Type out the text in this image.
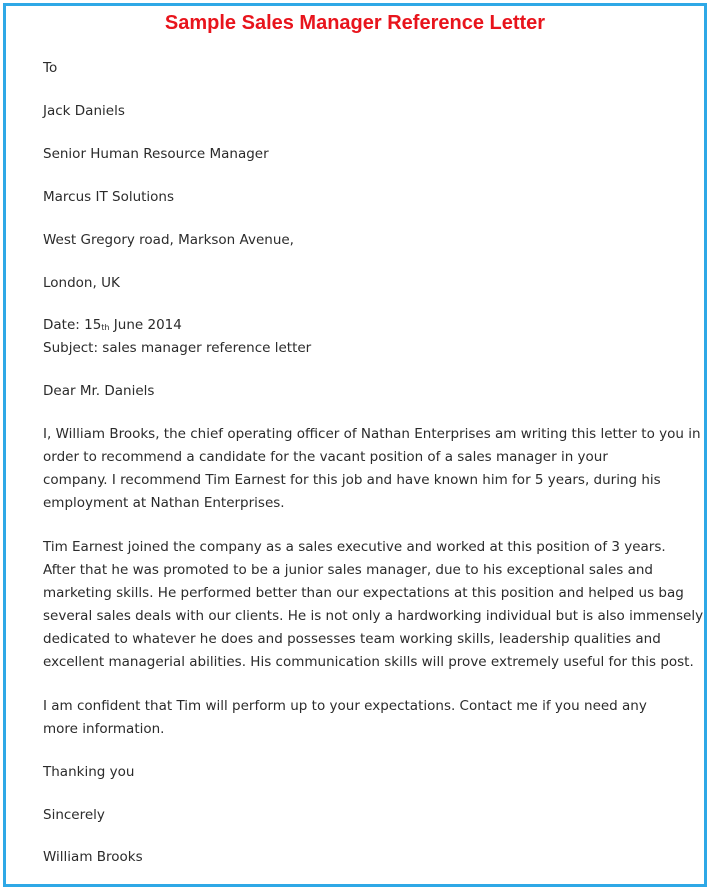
Sample Sales Manager Reference Letter

To

Jack Daniels

Senior Human Resource Manager

Marcus IT Solutions

West Gregory road, Markson Avenue,

London, UK

Date: $15_{th}$ June 2014

Subject: sales manager reference letter

Dear Mr. Daniels

I, William Brooks, the chief operating officer of Nathan Enterprises am writing this letter to you in
order to recommend a candidate for the vacant position of a sales manager in your
company. I recommend Tim Earnest for this job and have known him for 5 years, during his
employment at Nathan Enterprises.
Tim Earnest joined the company as a sales executive and worked at this position of 3 years.
After that he was promoted to be a junior sales manager, due to his exceptional sales and
marketing skills. He performed better than our expectations at this position and helped us bag
several sales deals with our clients. He is not only a hardworking individual but is also immensely
dedicated to whatever he does and possesses team working skills, leadership qualities and
excellent managerial abilities. His communication skills will prove extremely useful for this post.
I am confident that Tim will perform up to your expectations. Contact me if you need any
more information.

Thanking you

Sincerely

William Brooks
